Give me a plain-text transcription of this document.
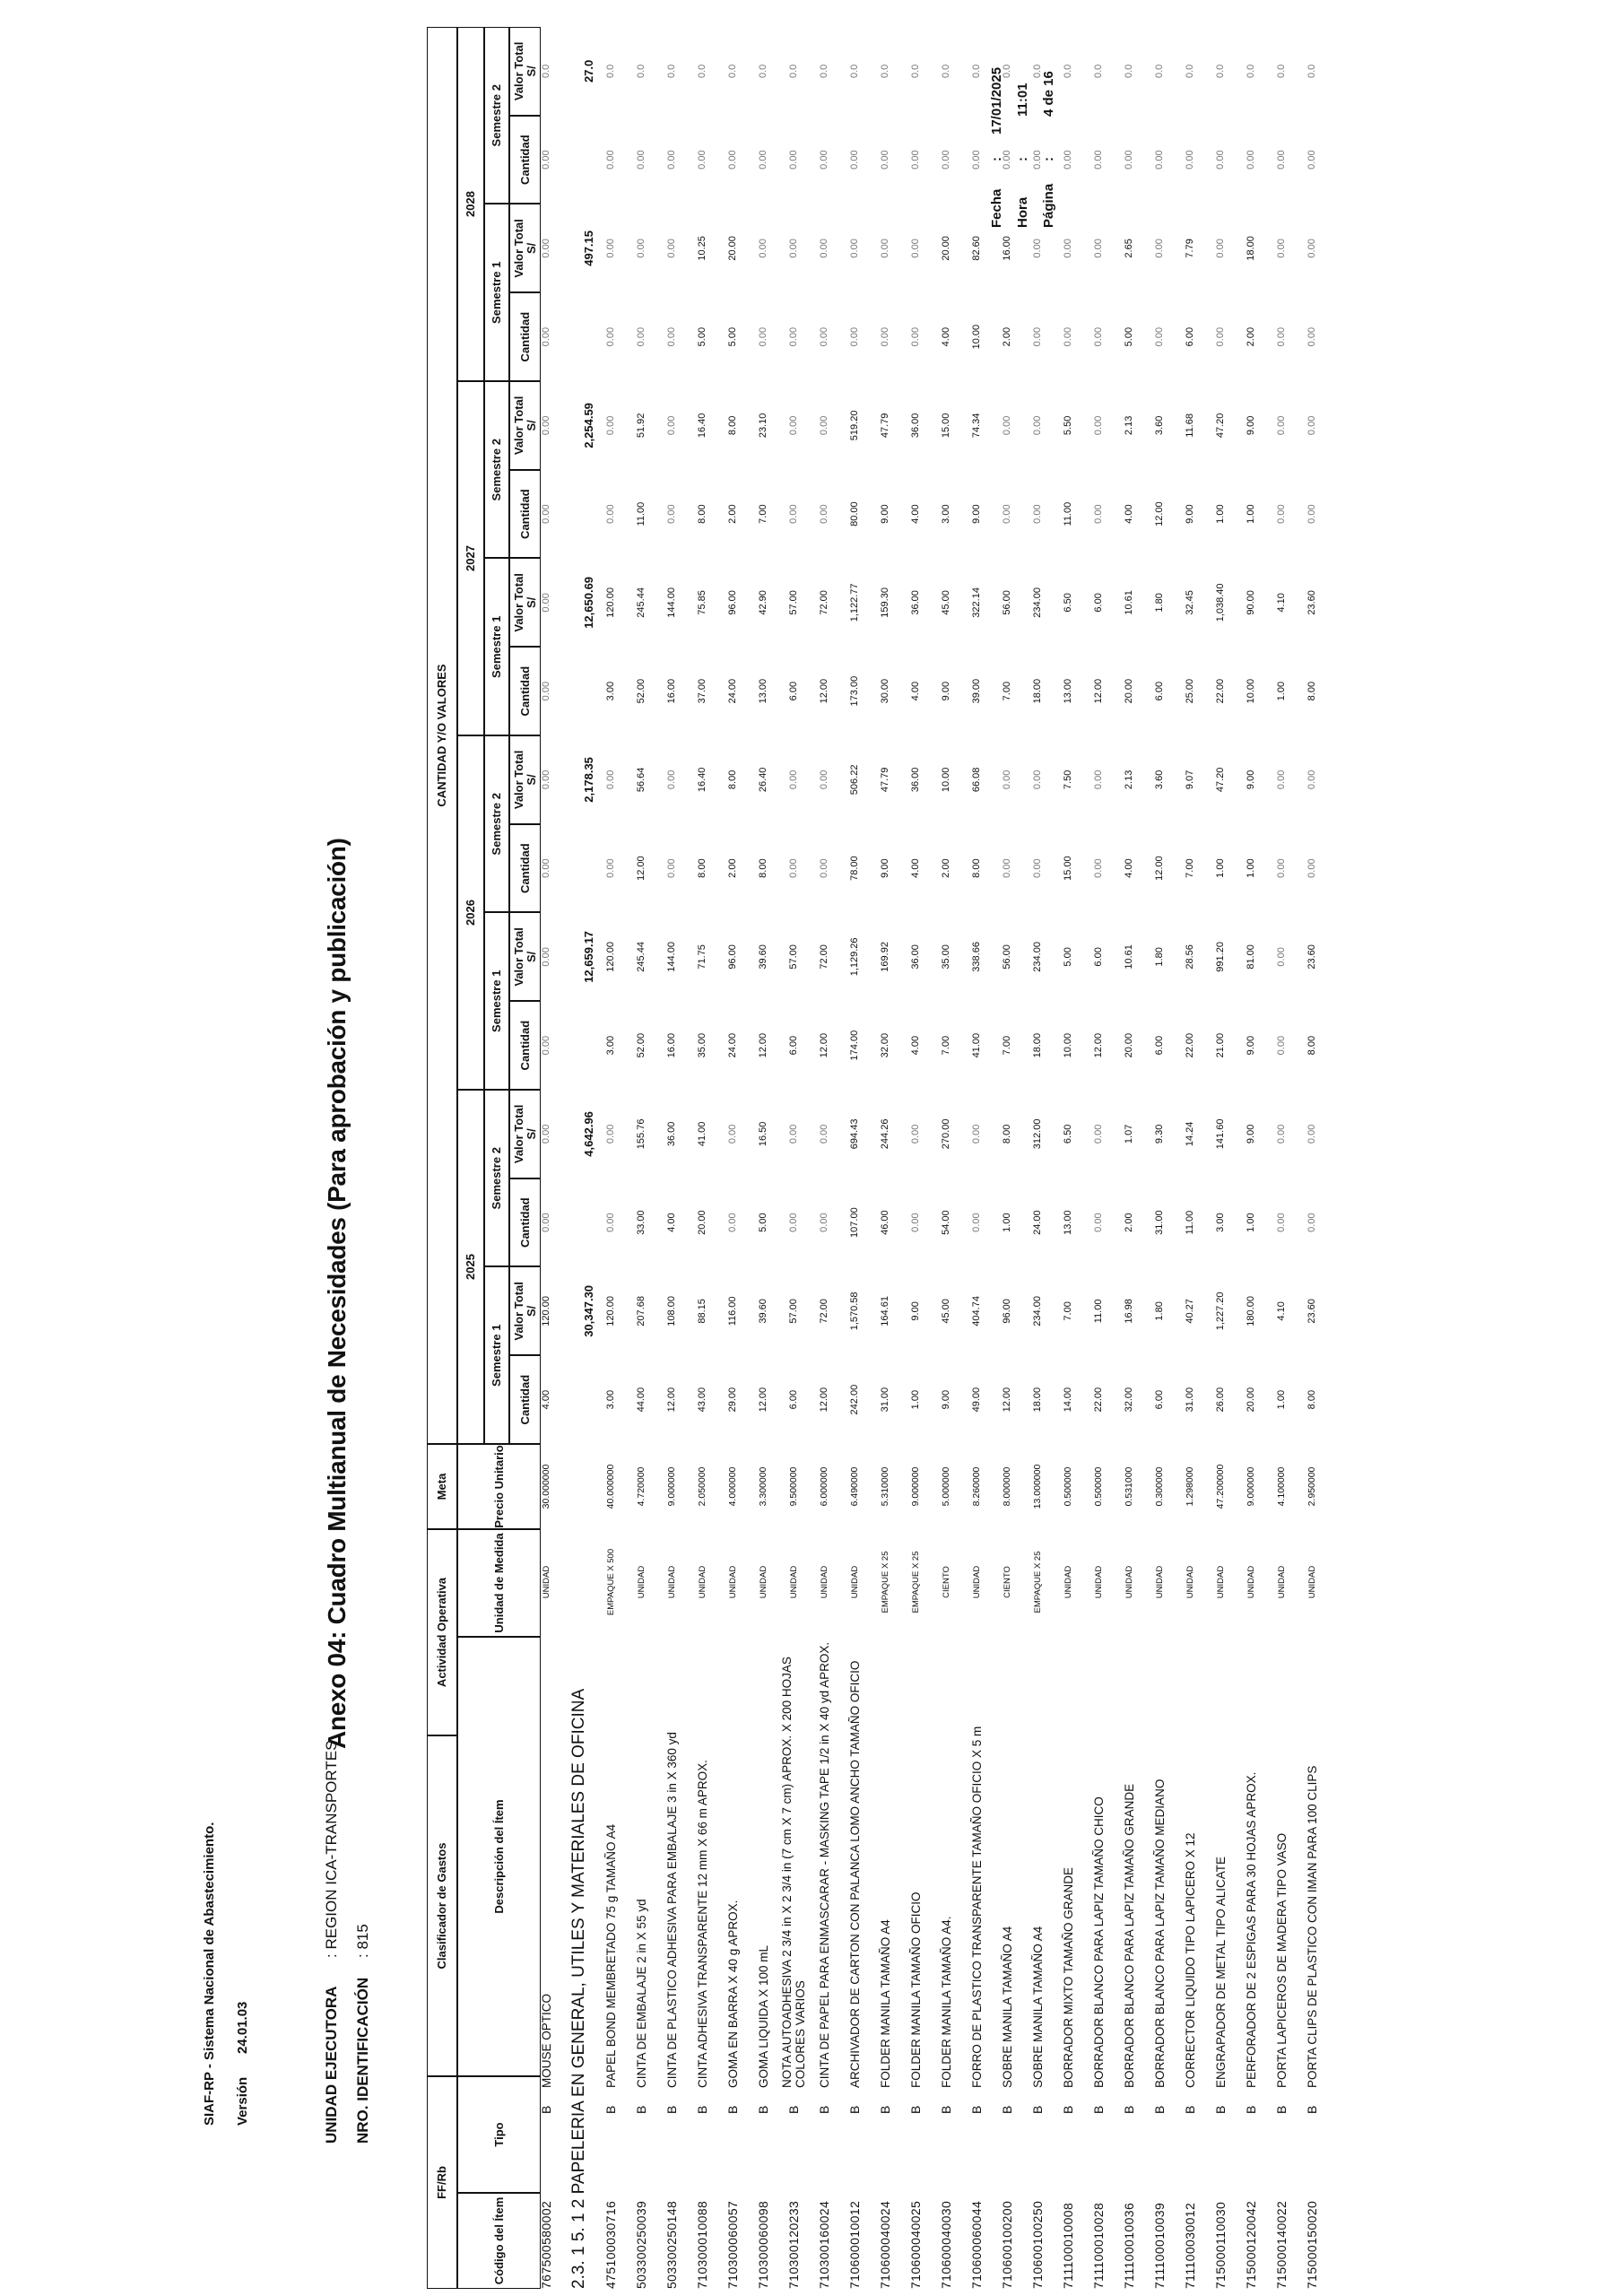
SIAF-RP - Sistema Nacional de Abastecimiento. Versión
24.01.03	UNIDAD EJECUTORA
: REGION ICA-TRANSPORTES
NRO. IDENTIFICACIÓN
: 815
Anexo 04: Cuadro Multianual de Necesidades (Para aprobación y publicación)
Fecha
:
17/01/2025
Hora
:
11:01
Página
:
4 de 16
FF/Rb
Clasificador de Gastos
Actividad Operativa
Meta
CANTIDAD Y/O VALORES
Código del Ítem
Tipo
Descripción del Ítem
Unidad de Medida
Precio Unitario
2025
Semestre 1
Cantidad
Valor Total S/
Semestre 2
Cantidad
Valor Total S/
2026
Semestre 1
Cantidad
Valor Total S/
Semestre 2
Cantidad
Valor Total S/
2027
Semestre 1
Cantidad
Valor Total S/
Semestre 2
Cantidad
Valor Total S/
2028
Semestre 1
Cantidad
Valor Total S/
Semestre 2
Cantidad
Valor Total S/
767500580002
B
MOUSE OPTICO
UNIDAD
30.000000
4.00
120.00
0.00
0.00
0.00
0.00
0.00
0.00
0.00
0.00
0.00
0.00
0.00
0.00
0.00
0.0
2.3. 1 5. 1 2 PAPELERIA EN GENERAL, UTILES Y MATERIALES DE OFICINA
30,347.30
4,642.96
12,659.17
2,178.35
12,650.69
2,254.59
497.15
27.0
475100030716
B
PAPEL BOND MEMBRETADO 75 g TAMAÑO A4
EMPAQUE X 500
40.000000
3.00
120.00
0.00
0.00
3.00
120.00
0.00
0.00
3.00
120.00
0.00
0.00
0.00
0.00
0.00
0.0
503300250039
B
CINTA DE EMBALAJE 2 in X 55 yd
UNIDAD
4.720000
44.00
207.68
33.00
155.76
52.00
245.44
12.00
56.64
52.00
245.44
11.00
51.92
0.00
0.00
0.00
0.0
503300250148
B
CINTA DE PLASTICO ADHESIVA PARA EMBALAJE 3 in X 360 yd
UNIDAD
9.000000
12.00
108.00
4.00
36.00
16.00
144.00
0.00
0.00
16.00
144.00
0.00
0.00
0.00
0.00
0.00
0.0
710300010088
B
CINTA ADHESIVA TRANSPARENTE 12 mm X 66 m APROX.
UNIDAD
2.050000
43.00
88.15
20.00
41.00
35.00
71.75
8.00
16.40
37.00
75.85
8.00
16.40
5.00
10.25
0.00
0.0
710300060057
B
GOMA EN BARRA X 40 g APROX.
UNIDAD
4.000000
29.00
116.00
0.00
0.00
24.00
96.00
2.00
8.00
24.00
96.00
2.00
8.00
5.00
20.00
0.00
0.0
710300060098
B
GOMA LIQUIDA X 100 mL
UNIDAD
3.300000
12.00
39.60
5.00
16.50
12.00
39.60
8.00
26.40
13.00
42.90
7.00
23.10
0.00
0.00
0.00
0.0
710300120233
B
NOTA AUTOADHESIVA 2 3/4 in X 2 3/4 in (7 cm X 7 cm) APROX. X 200 HOJAS COLORES VARIOS
UNIDAD
9.500000
6.00
57.00
0.00
0.00
6.00
57.00
0.00
0.00
6.00
57.00
0.00
0.00
0.00
0.00
0.00
0.0
710300160024
B
CINTA DE PAPEL PARA ENMASCARAR - MASKING TAPE 1/2 in X 40 yd APROX.
UNIDAD
6.000000
12.00
72.00
0.00
0.00
12.00
72.00
0.00
0.00
12.00
72.00
0.00
0.00
0.00
0.00
0.00
0.0
710600010012
B
ARCHIVADOR DE CARTON CON PALANCA LOMO ANCHO TAMAÑO OFICIO
UNIDAD
6.490000
242.00
1,570.58
107.00
694.43
174.00
1,129.26
78.00
506.22
173.00
1,122.77
80.00
519.20
0.00
0.00
0.00
0.0
710600040024
B
FOLDER MANILA TAMAÑO A4
EMPAQUE X 25
5.310000
31.00
164.61
46.00
244.26
32.00
169.92
9.00
47.79
30.00
159.30
9.00
47.79
0.00
0.00
0.00
0.0
710600040025
B
FOLDER MANILA TAMAÑO OFICIO
EMPAQUE X 25
9.000000
1.00
9.00
0.00
0.00
4.00
36.00
4.00
36.00
4.00
36.00
4.00
36.00
0.00
0.00
0.00
0.0
710600040030
B
FOLDER MANILA TAMAÑO A4.
CIENTO
5.000000
9.00
45.00
54.00
270.00
7.00
35.00
2.00
10.00
9.00
45.00
3.00
15.00
4.00
20.00
0.00
0.0
710600060044
B
FORRO DE PLASTICO TRANSPARENTE TAMAÑO OFICIO X 5 m
UNIDAD
8.260000
49.00
404.74
0.00
0.00
41.00
338.66
8.00
66.08
39.00
322.14
9.00
74.34
10.00
82.60
0.00
0.0
710600100200
B
SOBRE MANILA TAMAÑO A4
CIENTO
8.000000
12.00
96.00
1.00
8.00
7.00
56.00
0.00
0.00
7.00
56.00
0.00
0.00
2.00
16.00
0.00
0.0
710600100250
B
SOBRE MANILA TAMAÑO A4
EMPAQUE X 25
13.000000
18.00
234.00
24.00
312.00
18.00
234.00
0.00
0.00
18.00
234.00
0.00
0.00
0.00
0.00
0.00
0.0
711100010008
B
BORRADOR MIXTO TAMAÑO GRANDE
UNIDAD
0.500000
14.00
7.00
13.00
6.50
10.00
5.00
15.00
7.50
13.00
6.50
11.00
5.50
0.00
0.00
0.00
0.0
711100010028
B
BORRADOR BLANCO PARA LAPIZ TAMAÑO CHICO
UNIDAD
0.500000
22.00
11.00
0.00
0.00
12.00
6.00
0.00
0.00
12.00
6.00
0.00
0.00
0.00
0.00
0.00
0.0
711100010036
B
BORRADOR BLANCO PARA LAPIZ TAMAÑO GRANDE
UNIDAD
0.531000
32.00
16.98
2.00
1.07
20.00
10.61
4.00
2.13
20.00
10.61
4.00
2.13
5.00
2.65
0.00
0.0
711100010039
B
BORRADOR BLANCO PARA LAPIZ TAMAÑO MEDIANO
UNIDAD
0.300000
6.00
1.80
31.00
9.30
6.00
1.80
12.00
3.60
6.00
1.80
12.00
3.60
0.00
0.00
0.00
0.0
711100030012
B
CORRECTOR LIQUIDO TIPO LAPICERO X 12
UNIDAD
1.298000
31.00
40.27
11.00
14.24
22.00
28.56
7.00
9.07
25.00
32.45
9.00
11.68
6.00
7.79
0.00
0.0
715000110030
B
ENGRAPADOR DE METAL TIPO ALICATE
UNIDAD
47.200000
26.00
1,227.20
3.00
141.60
21.00
991.20
1.00
47.20
22.00
1,038.40
1.00
47.20
0.00
0.00
0.00
0.0
715000120042
B
PERFORADOR DE 2 ESPIGAS PARA 30 HOJAS APROX.
UNIDAD
9.000000
20.00
180.00
1.00
9.00
9.00
81.00
1.00
9.00
10.00
90.00
1.00
9.00
2.00
18.00
0.00
0.0
715000140022
B
PORTA LAPICEROS DE MADERA TIPO VASO
UNIDAD
4.100000
1.00
4.10
0.00
0.00
0.00
0.00
0.00
0.00
1.00
4.10
0.00
0.00
0.00
0.00
0.00
0.0
715000150020
B
PORTA CLIPS DE PLASTICO CON IMAN PARA 100 CLIPS
UNIDAD
2.950000
8.00
23.60
0.00
0.00
8.00
23.60
0.00
0.00
8.00
23.60
0.00
0.00
0.00
0.00
0.00
0.0
